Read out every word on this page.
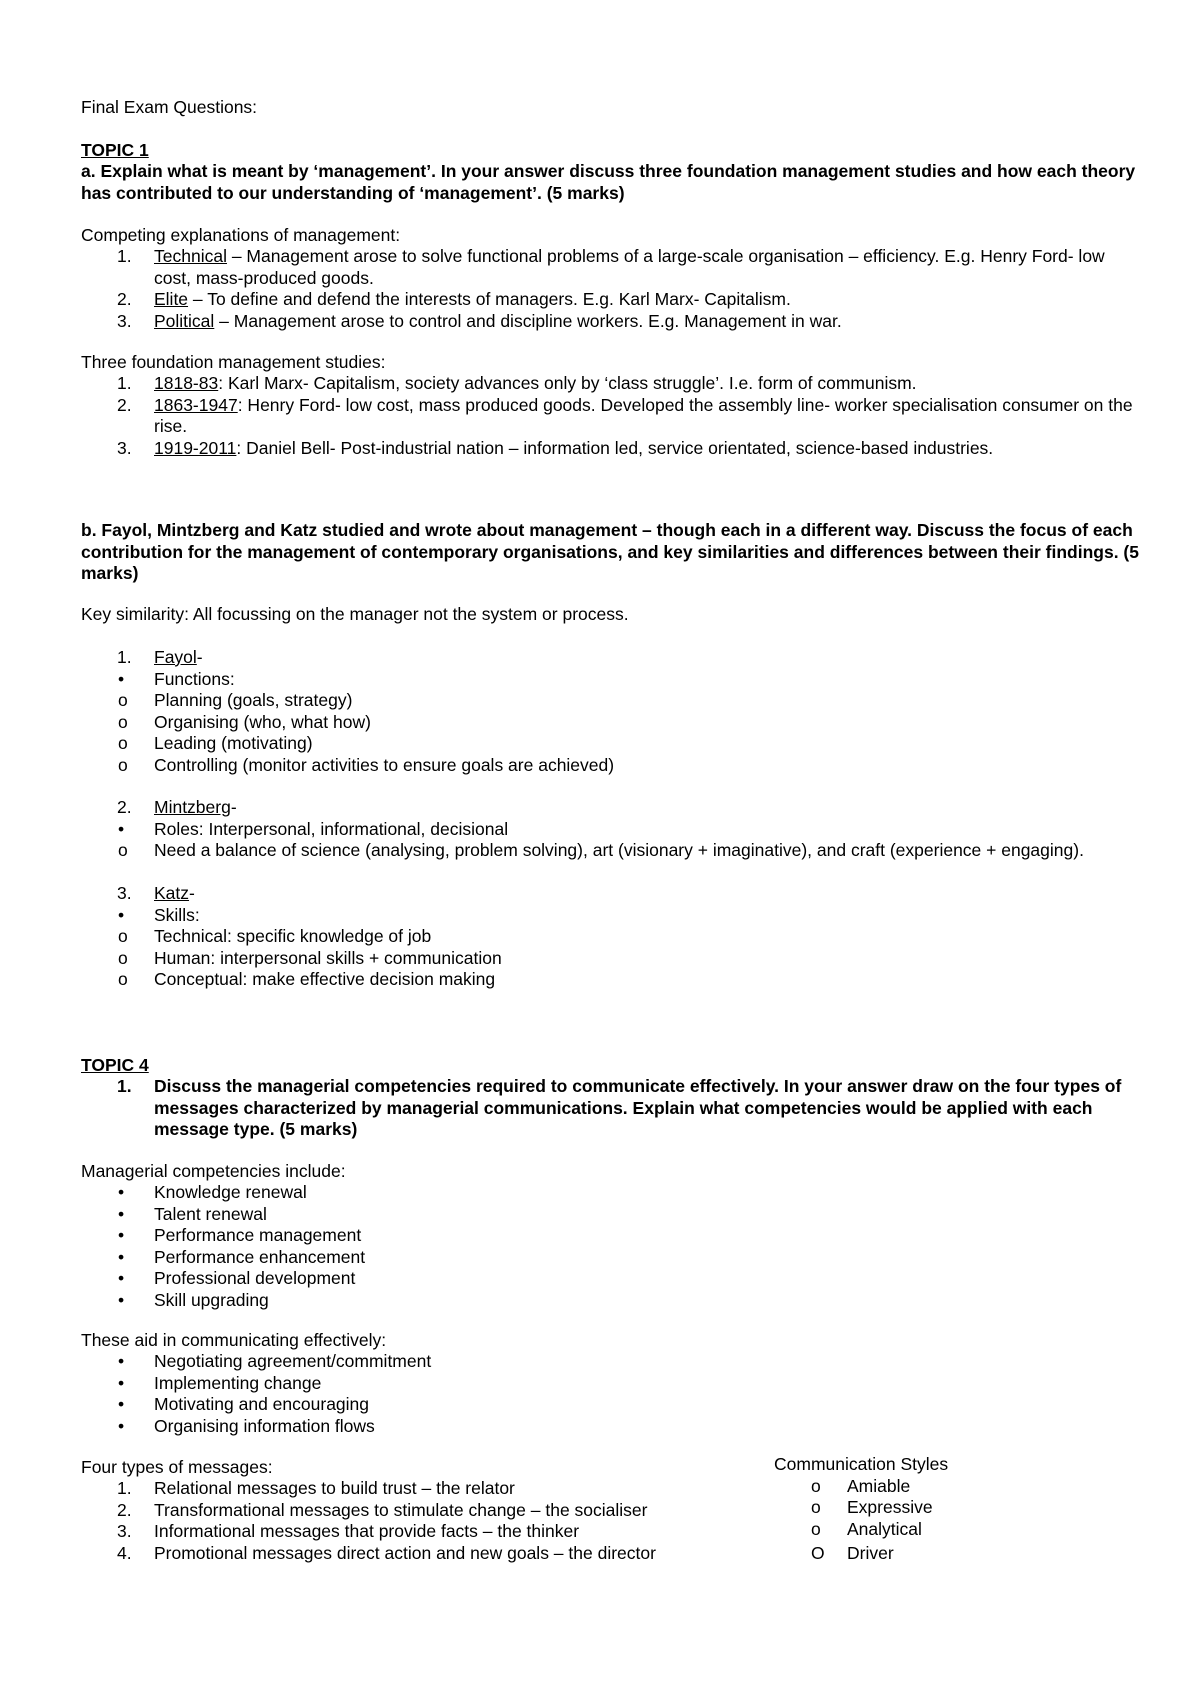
Final Exam Questions:

TOPIC 1

a. Explain what is meant by ‘management’. In your answer discuss three foundation management studies and how each theory has contributed to our understanding of ‘management’. (5 marks)

Competing explanations of management:

1. Technical – Management arose to solve functional problems of a large-scale organisation – efficiency. E.g. Henry Ford- low cost, mass-produced goods.
2. Elite – To define and defend the interests of managers. E.g. Karl Marx- Capitalism.
3. Political – Management arose to control and discipline workers. E.g. Management in war.

Three foundation management studies:

1. 1818-83: Karl Marx- Capitalism, society advances only by ‘class struggle’. I.e. form of communism.
2. 1863-1947: Henry Ford- low cost, mass produced goods. Developed the assembly line- worker specialisation consumer on the rise.
3. 1919-2011: Daniel Bell- Post-industrial nation – information led, service orientated, science-based industries.

b. Fayol, Mintzberg and Katz studied and wrote about management – though each in a different way. Discuss the focus of each contribution for the management of contemporary organisations, and key similarities and differences between their findings. (5 marks)

Key similarity: All focussing on the manager not the system or process.

1. Fayol-
• Functions:
o Planning (goals, strategy)
o Organising (who, what how)
o Leading (motivating)
o Controlling (monitor activities to ensure goals are achieved)
2. Mintzberg-
• Roles: Interpersonal, informational, decisional
o Need a balance of science (analysing, problem solving), art (visionary + imaginative), and craft (experience + engaging).
3. Katz-
• Skills:
o Technical: specific knowledge of job
o Human: interpersonal skills + communication
o Conceptual: make effective decision making

TOPIC 4

1. Discuss the managerial competencies required to communicate effectively. In your answer draw on the four types of messages characterized by managerial communications. Explain what competencies would be applied with each message type. (5 marks)

Managerial competencies include:

• Knowledge renewal
• Talent renewal
• Performance management
• Performance enhancement
• Professional development
• Skill upgrading

These aid in communicating effectively:

• Negotiating agreement/commitment
• Implementing change
• Motivating and encouraging
• Organising information flows

Four types of messages:

1. Relational messages to build trust – the relator
2. Transformational messages to stimulate change – the socialiser
3. Informational messages that provide facts – the thinker
4. Promotional messages direct action and new goals – the director

Communication Styles

o Amiable
o Expressive
o Analytical
O Driver
